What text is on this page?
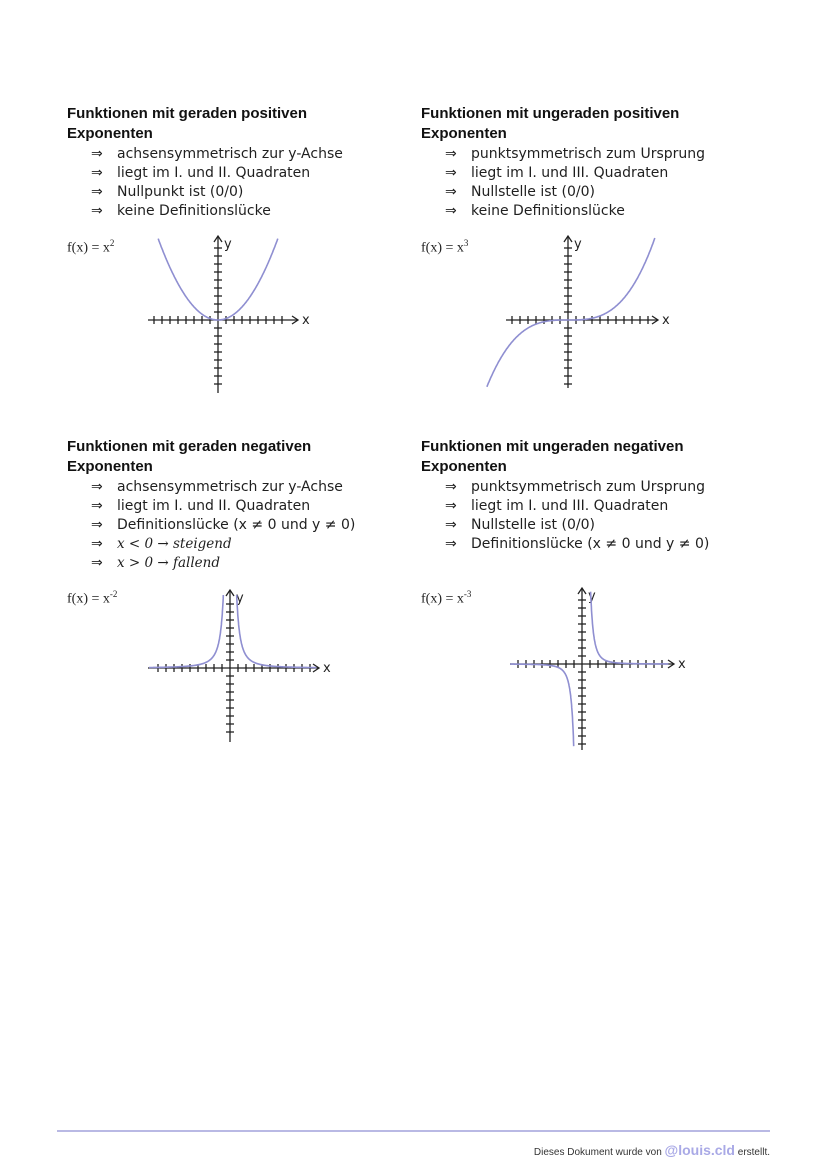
Funktionen mit geraden positiven Exponenten
⇒ achsensymmetrisch zur y-Achse
⇒ liegt im I. und II. Quadraten
⇒ Nullpunkt ist (0/0)
⇒ keine Definitionslücke
$f(x) = x^2$
x
y
Funktionen mit ungeraden positiven Exponenten
⇒ punktsymmetrisch zum Ursprung
⇒ liegt im I. und III. Quadraten
⇒ Nullstelle ist (0/0)
⇒ keine Definitionslücke
$f(x) = x^3$
x
y
Funktionen mit geraden negativen Exponenten
⇒ achsensymmetrisch zur y-Achse
⇒ liegt im I. und II. Quadraten
⇒ Definitionslücke (x ≠ 0 und y ≠ 0)
⇒ x < 0 → steigend
⇒ x > 0 → fallend
$f(x) = x^{-2}$
x
y
Funktionen mit ungeraden negativen Exponenten
⇒ punktsymmetrisch zum Ursprung
⇒ liegt im I. und III. Quadraten
⇒ Nullstelle ist (0/0)
⇒ Definitionslücke (x ≠ 0 und y ≠ 0)
$f(x) = x^{-3}$
x
y
Dieses Dokument wurde von @louis.cld erstellt.
